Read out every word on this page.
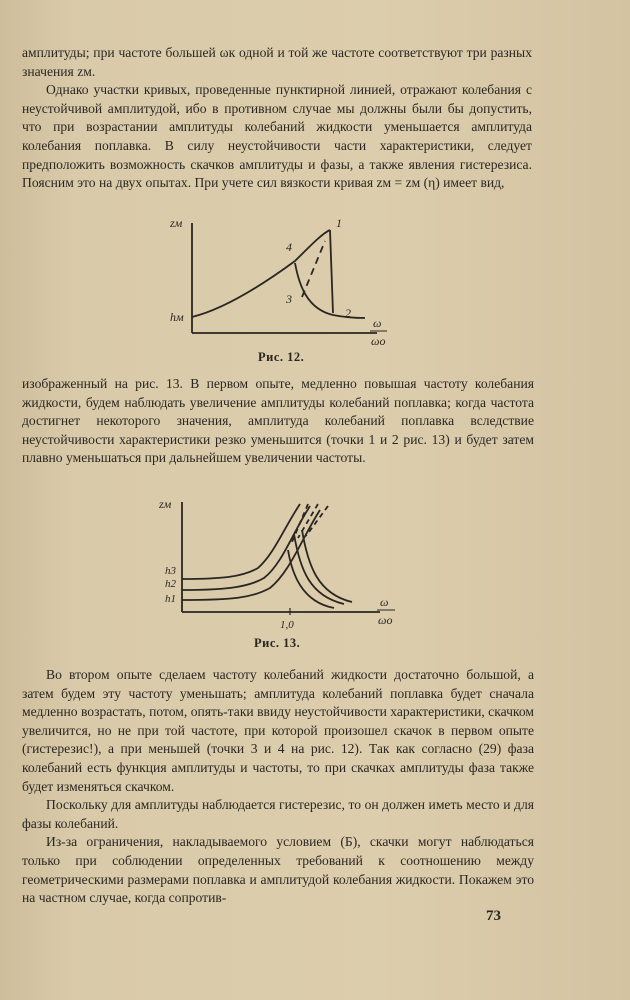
амплитуды; при частоте большей ωк одной и той же частоте соответствуют три разных значения zм.

Однако участки кривых, проведенные пунктирной линией, отражают колебания с неустойчивой амплитудой, ибо в противном случае мы должны были бы допустить, что при возрастании амплитуды колебаний жидкости уменьшается амплитуда колебания поплавка. В силу неустойчивости части характеристики, следует предположить возможность скачков амплитуды и фазы, а также явления гистерезиса. Поясним это на двух опытах. При учете сил вязкости кривая zм = zм (η) имеет вид,

zм
hм
1
2
3
4
ω
ωо
Рис. 12.

изображенный на рис. 13. В первом опыте, медленно повышая частоту колебания жидкости, будем наблюдать увеличение амплитуды колебаний поплавка; когда частота достигнет некоторого значения, амплитуда колебаний поплавка вследствие неустойчивости характеристики резко уменьшится (точки 1 и 2 рис. 13) и будет затем плавно уменьшаться при дальнейшем увеличении частоты.

zм
h3
h2
h1
1,0
ω
ωо
Рис. 13.

Во втором опыте сделаем частоту колебаний жидкости достаточно большой, а затем будем эту частоту уменьшать; амплитуда колебаний поплавка будет сначала медленно возрастать, потом, опять-таки ввиду неустойчивости характеристики, скачком увеличится, но не при той частоте, при которой произошел скачок в первом опыте (гистерезис!), а при меньшей (точки 3 и 4 на рис. 12). Так как согласно (29) фаза колебаний есть функция амплитуды и частоты, то при скачках амплитуды фаза также будет изменяться скачком.

Поскольку для амплитуды наблюдается гистерезис, то он должен иметь место и для фазы колебаний.

Из-за ограничения, накладываемого условием (Б), скачки могут наблюдаться только при соблюдении определенных требований к соотношению между геометрическими размерами поплавка и амплитудой колебания жидкости. Покажем это на частном случае, когда сопротив-

73
